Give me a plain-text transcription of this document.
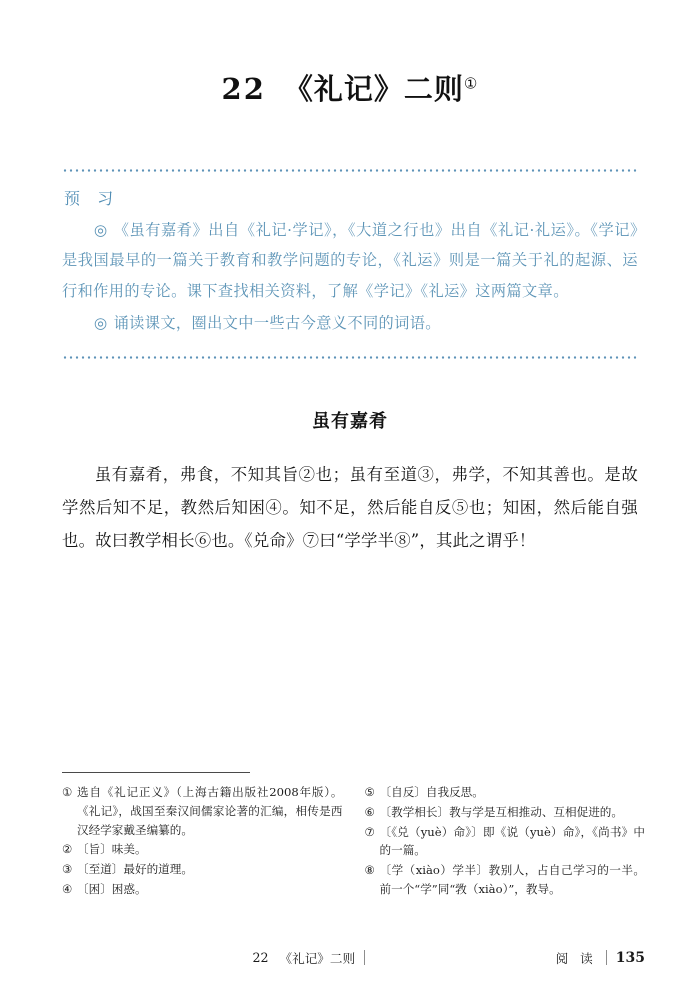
22 《礼记》二则①
预 习

◎ 《虽有嘉肴》出自《礼记·学记》，《大道之行也》出自《礼记·礼运》。《学记》是我国最早的一篇关于教育和教学问题的专论，《礼运》则是一篇关于礼的起源、运行和作用的专论。课下查找相关资料，了解《学记》《礼运》这两篇文章。

◎ 诵读课文，圈出文中一些古今意义不同的词语。

虽有嘉肴

虽有嘉肴，弗食，不知其旨②也；虽有至道③，弗学，不知其善也。是故学然后知不足，教然后知困④。知不足，然后能自反⑤也；知困，然后能自强也。故曰教学相长⑥也。《兑命》⑦曰“学学半⑧”，其此之谓乎！

① 选自《礼记正义》（上海古籍出版社2008年版）。《礼记》，战国至秦汉间儒家论著的汇编，相传是西汉经学家戴圣编纂的。
② 〔旨〕味美。
③ 〔至道〕最好的道理。
④ 〔困〕困惑。
⑤ 〔自反〕自我反思。
⑥ 〔教学相长〕教与学是互相推动、互相促进的。
⑦ 〔《兑（yuè）命》〕即《说（yuè）命》，《尚书》中的一篇。
⑧ 〔学（xiào）学半〕教别人，占自己学习的一半。前一个“学”同“敩（xiào）”，教导。
22 《礼记》二则	阅 读 135
